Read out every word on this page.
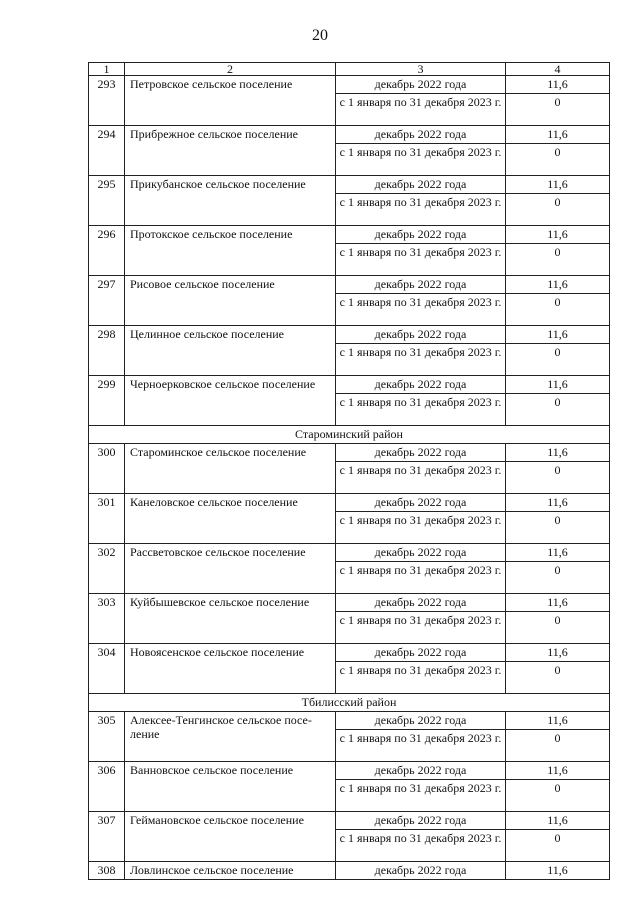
20
1	2	3	4
293	Петровское сельское поселение	декабрь 2022 года	11,6
		с 1 января по 31 декабря 2023 г.	0
294	Прибрежное сельское поселение	декабрь 2022 года	11,6
		с 1 января по 31 декабря 2023 г.	0
295	Прикубанское сельское поселение	декабрь 2022 года	11,6
		с 1 января по 31 декабря 2023 г.	0
296	Протокское сельское поселение	декабрь 2022 года	11,6
		с 1 января по 31 декабря 2023 г.	0
297	Рисовое сельское поселение	декабрь 2022 года	11,6
		с 1 января по 31 декабря 2023 г.	0
298	Целинное сельское поселение	декабрь 2022 года	11,6
		с 1 января по 31 декабря 2023 г.	0
299	Черноерковское сельское поселение	декабрь 2022 года	11,6
		с 1 января по 31 декабря 2023 г.	0
Староминский район			
300	Староминское сельское поселение	декабрь 2022 года	11,6
		с 1 января по 31 декабря 2023 г.	0
301	Канеловское сельское поселение	декабрь 2022 года	11,6
		с 1 января по 31 декабря 2023 г.	0
302	Рассветовское сельское поселение	декабрь 2022 года	11,6
		с 1 января по 31 декабря 2023 г.	0
303	Куйбышевское сельское поселение	декабрь 2022 года	11,6
		с 1 января по 31 декабря 2023 г.	0
304	Новоясенское сельское поселение	декабрь 2022 года	11,6
		с 1 января по 31 декабря 2023 г.	0
Тбилисский район			
305	Алексее-Тенгинское сельское посе-ление	декабрь 2022 года	11,6
		с 1 января по 31 декабря 2023 г.	0
306	Ванновское сельское поселение	декабрь 2022 года	11,6
		с 1 января по 31 декабря 2023 г.	0
307	Геймановское сельское поселение	декабрь 2022 года	11,6
		с 1 января по 31 декабря 2023 г.	0
308	Ловлинское сельское поселение	декабрь 2022 года	11,6
